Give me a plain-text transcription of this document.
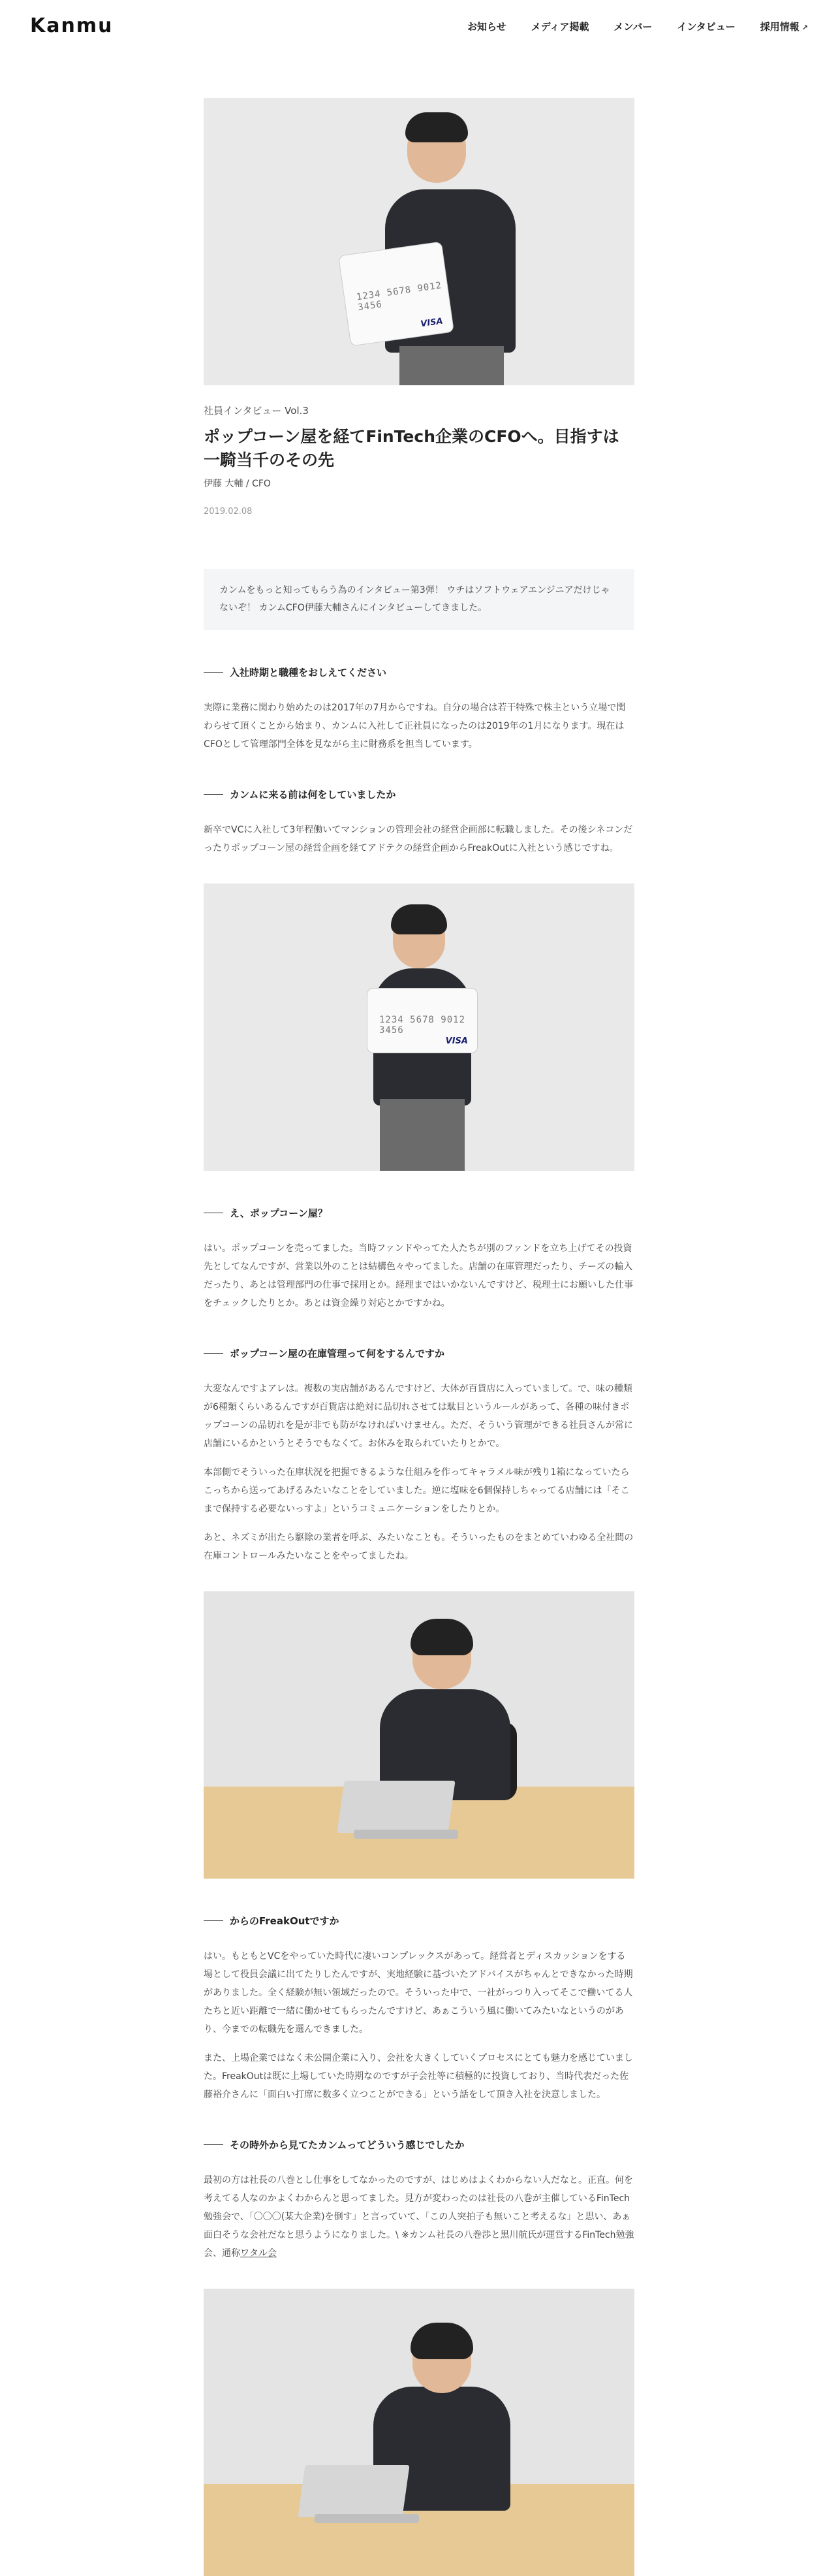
Kanmu	お知らせ	メディア掲載	メンバー	インタビュー	採用情報 ↗
1234 5678 9012 3456
VISA
社員インタビュー Vol.3
ポップコーン屋を経てFinTech企業のCFOへ。目指すは一騎当千のその先
伊藤 大輔 / CFO
2019.02.08
カンムをもっと知ってもらう為のインタビュー第3弾！ ウチはソフトウェアエンジニアだけじゃないぞ！ カンムCFO伊藤大輔さんにインタビューしてきました。
入社時期と職種をおしえてください

実際に業務に関わり始めたのは2017年の7月からですね。自分の場合は若干特殊で株主という立場で関わらせて頂くことから始まり、カンムに入社して正社員になったのは2019年の1月になります。現在はCFOとして管理部門全体を見ながら主に財務系を担当しています。

カンムに来る前は何をしていましたか

新卒でVCに入社して3年程働いてマンションの管理会社の経営企画部に転職しました。その後シネコンだったりポップコーン屋の経営企画を経てアドテクの経営企画からFreakOutに入社という感じですね。

1234 5678 9012 3456
VISA
え、ポップコーン屋？

はい。ポップコーンを売ってました。当時ファンドやってた人たちが別のファンドを立ち上げてその投資先としてなんですが、営業以外のことは結構色々やってました。店舗の在庫管理だったり、チーズの輸入だったり、あとは管理部門の仕事で採用とか。経理まではいかないんですけど、税理士にお願いした仕事をチェックしたりとか。あとは資金繰り対応とかですかね。

ポップコーン屋の在庫管理って何をするんですか

大変なんですよアレは。複数の実店舗があるんですけど、大体が百貨店に入っていまして。で、味の種類が6種類くらいあるんですが百貨店は絶対に品切れさせては駄目というルールがあって、各種の味付きポップコーンの品切れを是が非でも防がなければいけません。ただ、そういう管理ができる社員さんが常に店舗にいるかというとそうでもなくて。お休みを取られていたりとかで。

本部側でそういった在庫状況を把握できるような仕組みを作ってキャラメル味が残り1箱になっていたらこっちから送ってあげるみたいなことをしていました。逆に塩味を6個保持しちゃってる店舗には「そこまで保持する必要ないっすよ」というコミュニケーションをしたりとか。

あと、ネズミが出たら駆除の業者を呼ぶ、みたいなことも。そういったものをまとめていわゆる全社間の在庫コントロールみたいなことをやってましたね。

からのFreakOutですか

はい。もともとVCをやっていた時代に凄いコンプレックスがあって。経営者とディスカッションをする場として役員会議に出てたりしたんですが、実地経験に基づいたアドバイスがちゃんとできなかった時期がありました。全く経験が無い領域だったので。そういった中で、一社がっつり入ってそこで働いてる人たちと近い距離で一緒に働かせてもらったんですけど、あぁこういう風に働いてみたいなというのがあり、今までの転職先を選んできました。

また、上場企業ではなく未公開企業に入り、会社を大きくしていくプロセスにとても魅力を感じていました。FreakOutは既に上場していた時期なのですが子会社等に積極的に投資しており、当時代表だった佐藤裕介さんに「面白い打席に数多く立つことができる」という話をして頂き入社を決意しました。

その時外から見てたカンムってどういう感じでしたか

最初の方は社長の八巻とし仕事をしてなかったのですが、はじめはよくわからない人だなと。正直。何を考えてる人なのかよくわからんと思ってました。見方が変わったのは社長の八巻が主催しているFinTech勉強会で、「〇〇〇(某大企業)を倒す」と言っていて、「この人突拍子も無いこと考えるな」と思い、あぁ面白そうな会社だなと思うようになりました。\ ※カンム社長の八巻渉と黒川航氏が運営するFinTech勉強会、通称ワタル会
